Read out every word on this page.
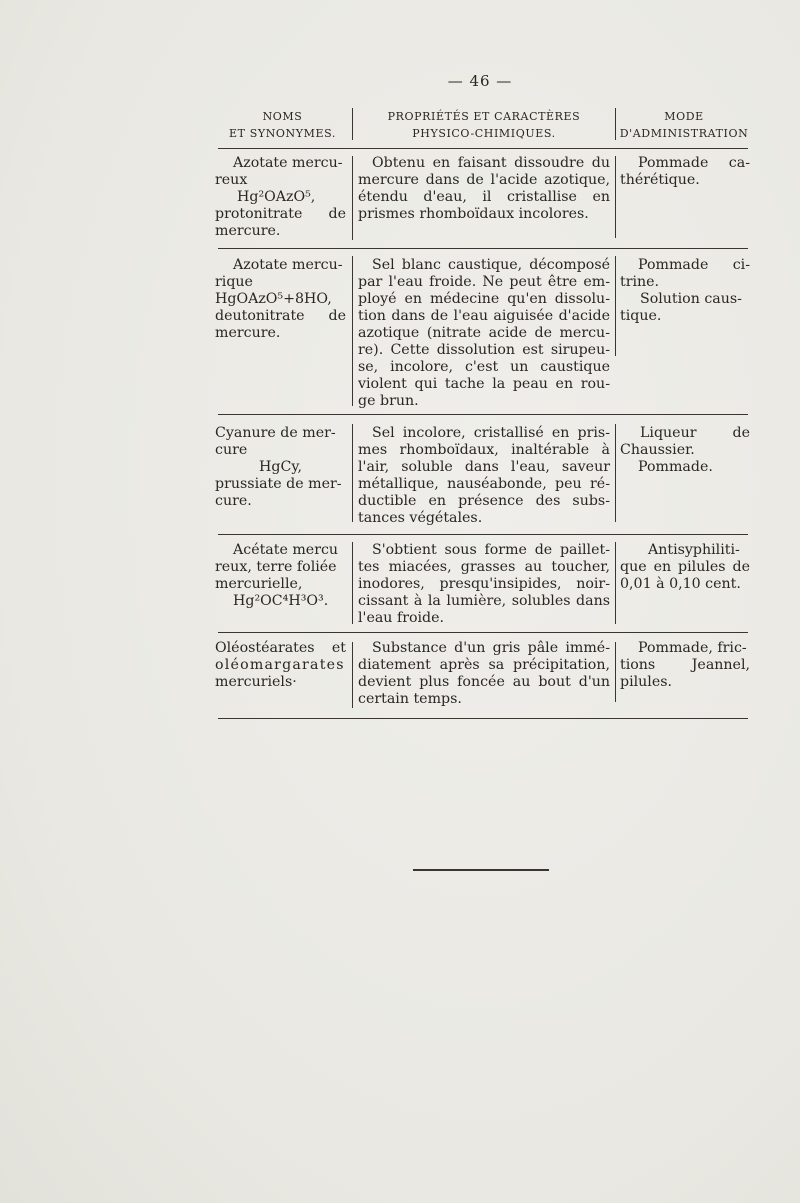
— 46 —
NOMS
ET SYNONYMES.
PROPRIÉTÉS ET CARACTÈRES
PHYSICO-CHIMIQUES.
MODE
D'ADMINISTRATION
Azotate mercu-
reux
Hg²OAzO⁵,
protonitrate de
mercure.
Obtenu en faisant dissoudre du
mercure dans de l'acide azotique,
étendu d'eau, il cristallise en
prismes rhomboïdaux incolores.
Pommade ca-
thérétique.
Azotate mercu-
rique
HgOAzO⁵+8HO,
deutonitrate de
mercure.
Sel blanc caustique, décomposé
par l'eau froide. Ne peut être em-
ployé en médecine qu'en dissolu-
tion dans de l'eau aiguisée d'acide
azotique (nitrate acide de mercu-
re). Cette dissolution est sirupeu-
se, incolore, c'est un caustique
violent qui tache la peau en rou-
ge brun.
Pommade ci-
trine.
Solution caus-
tique.
Cyanure de mer-
cure
HgCy,
prussiate de mer-
cure.
Sel incolore, cristallisé en pris-
mes rhomboïdaux, inaltérable à
l'air, soluble dans l'eau, saveur
métallique, nauséabonde, peu ré-
ductible en présence des subs-
tances végétales.
Liqueur de
Chaussier.
Pommade.
Acétate mercu
reux, terre foliée
mercurielle,
Hg²OC⁴H³O³.
S'obtient sous forme de paillet-
tes miacées, grasses au toucher,
inodores, presqu'insipides, noir-
cissant à la lumière, solubles dans
l'eau froide.
Antisyphiliti-
que en pilules de
0,01 à 0,10 cent.
Oléostéarates et
oléomargarates
mercuriels·
Substance d'un gris pâle immé-
diatement après sa précipitation,
devient plus foncée au bout d'un
certain temps.
Pommade, fric-
tions Jeannel,
pilules.
